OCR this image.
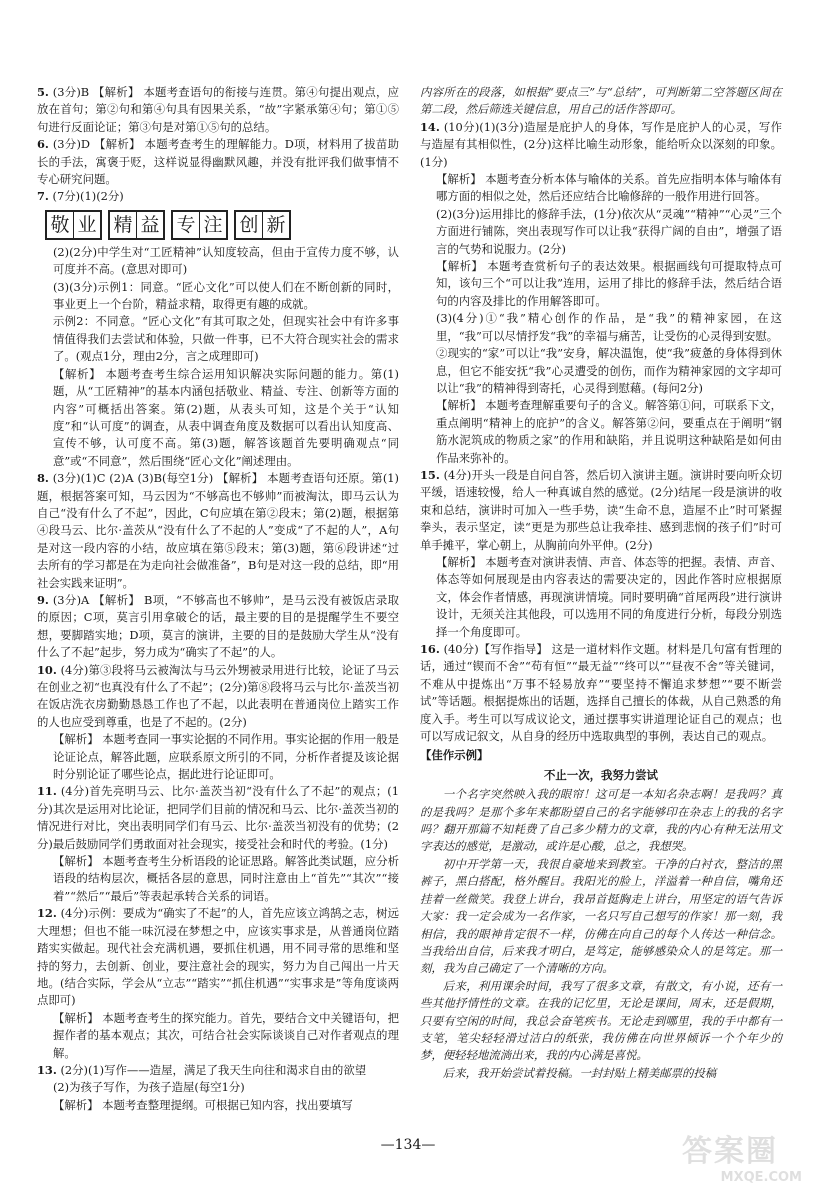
5. (3分)B 【解析】 本题考查语句的衔接与连贯。第④句提出观点，应放在首句；第②句和第④句具有因果关系，“故”字紧承第④句；第①⑤句进行反面论证；第③句是对第①⑤句的总结。

6. (3分)D 【解析】 本题考查考生的理解能力。D项，材料用了拔苗助长的手法，寓褒于贬，这样说显得幽默风趣，并没有批评我们做事情不专心研究问题。

7. (7分)(1)(2分)

敬 业 精 益 专 注 创 新

(2)(2分)中学生对“工匠精神”认知度较高，但由于宣传力度不够，认可度并不高。(意思对即可)

(3)(3分)示例1：同意。“匠心文化”可以使人们在不断创新的同时，事业更上一个台阶，精益求精，取得更有趣的成就。

示例2：不同意。“匠心文化”有其可取之处，但现实社会中有许多事情值得我们去尝试和体验，只做一件事，已不大符合现实社会的需求了。(观点1分，理由2分，言之成理即可)

【解析】 本题考查考生综合运用知识解决实际问题的能力。第(1)题，从“工匠精神”的基本内涵包括敬业、精益、专注、创新等方面的内容”可概括出答案。第(2)题，从表头可知，这是个关于“认知度”和“认可度”的调查，从表中调查角度及数据可以看出认知度高、宣传不够，认可度不高。第(3)题，解答该题首先要明确观点“同意”或“不同意”，然后围绕“匠心文化”阐述理由。

8. (3分)(1)C (2)A (3)B(每空1分) 【解析】 本题考查语句还原。第(1)题，根据答案可知，马云因为“不够高也不够帅”而被淘汰，即马云认为自己“没有什么了不起”，因此，C句应填在第②段末；第(2)题，根据第④段马云、比尔·盖茨从“没有什么了不起的人”变成“了不起的人”，A句是对这一段内容的小结，故应填在第⑤段末；第(3)题，第⑥段讲述“过去所有的学习都是在为走向社会做准备”，B句是对这一段的总结，即“用社会实践来证明”。

9. (3分)A 【解析】 B项，“不够高也不够帅”，是马云没有被饭店录取的原因；C项，莫言引用拿破仑的话，最主要的目的是提醒学生不要空想，要脚踏实地；D项，莫言的演讲，主要的目的是鼓励大学生从“没有什么了不起”起步，努力成为“确实了不起”的人。

10. (4分)第③段将马云被淘汰与马云外甥被录用进行比较，论证了马云在创业之初“也真没有什么了不起”；(2分)第⑧段将马云与比尔·盖茨当初在饭店洗衣房勤勤恳恳工作也了不起，以此表明在普通岗位上踏实工作的人也应受到尊重，也是了不起的。(2分)

【解析】 本题考查同一事实论据的不同作用。事实论据的作用一般是论证论点，解答此题，应联系原文所引的不同，分析作者提及该论据时分别论证了哪些论点，据此进行论证即可。

11. (4分)首先亮明马云、比尔·盖茨当初“没有什么了不起”的观点；(1分)其次是运用对比论证，把同学们目前的情况和马云、比尔·盖茨当初的情况进行对比，突出表明同学们有马云、比尔·盖茨当初没有的优势；(2分)最后鼓励同学们勇敢面对社会现实，接受社会和时代的考验。(1分)

【解析】 本题考查考生分析语段的论证思路。解答此类试题，应分析语段的结构层次，概括各层的意思，同时注意由上“首先”“其次”“接着”“然后”“最后”等表起承转合关系的词语。

12. (4分)示例：要成为“确实了不起”的人，首先应该立鸿鹄之志，树远大理想；但也不能一味沉浸在梦想之中，应该实事求是，从普通岗位踏踏实实做起。现代社会充满机遇，要抓住机遇，用不同寻常的思维和坚持的努力，去创新、创业，要注意社会的现实，努力为自己闯出一片天地。(结合实际，学会从“立志”“踏实”“抓住机遇”“实事求是”等角度谈两点即可)

【解析】 本题考查考生的探究能力。首先，要结合文中关键语句，把握作者的基本观点；其次，可结合社会实际谈谈自己对作者观点的理解。

13. (2分)(1)写作——造屋，满足了我天生向往和渴求自由的欲望

(2)为孩子写作，为孩子造屋(每空1分)

【解析】 本题考查整理提纲。可根据已知内容，找出要填写

内容所在的段落，如根据“要点三”与“总结”，可判断第二空答题区间在第二段，然后筛选关键信息，用自己的话作答即可。

14. (10分)(1)(3分)造屋是庇护人的身体，写作是庇护人的心灵，写作与造屋有其相似性，(2分)这样比喻生动形象，能给听众以深刻的印象。(1分)

【解析】 本题考查分析本体与喻体的关系。首先应指明本体与喻体有哪方面的相似之处，然后还应结合比喻修辞的一般作用进行回答。

(2)(3分)运用排比的修辞手法，(1分)依次从“灵魂”“精神”“心灵”三个方面进行铺陈，突出表现写作可以让我“获得广阔的自由”，增强了语言的气势和说服力。(2分)

【解析】 本题考查赏析句子的表达效果。根据画线句可提取特点可知，该句三个“可以让我”连用，运用了排比的修辞手法，然后结合语句的内容及排比的作用解答即可。

(3)(4分)①“我”精心创作的作品，是“我”的精神家园，在这里，“我”可以尽情抒发“我”的幸福与痛苦，让受伤的心灵得到安慰。

②现实的“家”可以让“我”安身，解决温饱，使“我”疲惫的身体得到休息，但它不能安抚“我”心灵遭受的创伤，而作为精神家园的文字却可以让“我”的精神得到寄托，心灵得到慰藉。(每问2分)

【解析】 本题考查理解重要句子的含义。解答第①问，可联系下文，重点阐明“精神上的庇护”的含义。解答第②问，要重点在于阐明“钢筋水泥筑成的物质之家”的作用和缺陷，并且说明这种缺陷是如何由作品来弥补的。

15. (4分)开头一段是自问自答，然后切入演讲主题。演讲时要向听众切平缓，语速较慢，给人一种真诚自然的感觉。(2分)结尾一段是演讲的收束和总结，演讲时可加入一些手势，读“生命不息，造屋不止”时可紧握拳头，表示坚定，读“更是为那些总让我牵挂、感到悲悯的孩子们”时可单手摊平，掌心朝上，从胸前向外平伸。(2分)

【解析】 本题考查对演讲表情、声音、体态等的把握。表情、声音、体态等如何展现是由内容表达的需要决定的，因此作答时应根据原文，体会作者情感，再现演讲情境。同时要明确“首尾两段”进行演讲设计，无须关注其他段，可以选用不同的角度进行分析，每段分别选择一个角度即可。

16. (40分)【写作指导】 这是一道材料作文题。材料是几句富有哲理的话，通过“锲而不舍”“苟有恒”“最无益”“终可以”“昼夜不舍”等关键词，不难从中提炼出“万事不轻易放弃”“要坚持不懈追求梦想”“要不断尝试”等话题。根据提炼出的话题，选择自己擅长的体裁，从自己熟悉的角度入手。考生可以写成议论文，通过摆事实讲道理论证自己的观点；也可以写成记叙文，从自身的经历中选取典型的事例，表达自己的观点。

【佳作示例】

不止一次，我努力尝试

一个名字突然映入我的眼帘！这可是一本知名杂志啊！是我吗？真的是我吗？是那个多年来都盼望自己的名字能够印在杂志上的我的名字吗？翻开那篇不知耗费了自己多少精力的文章，我的内心有种无法用文字表达的感觉，是激动，或许是心酸，总之，我想哭。

初中开学第一天，我很自豪地来到教室。干净的白衬衣，整洁的黑裤子，黑白搭配，格外醒目。我阳光的脸上，洋溢着一种自信，嘴角还挂着一丝微笑。我登上讲台，我昂首挺胸走上讲台，用坚定的语气告诉大家：我一定会成为一名作家，一名只写自己想写的作家！那一刻，我相信，我的眼神肯定很不一样，仿佛在向自己的每个人传达一种信念。当我给出自信，后来我才明白，是笃定，能够感染众人的是笃定。那一刻，我为自己确定了一个清晰的方向。

后来，利用课余时间，我写了很多文章，有散文，有小说，还有一些其他抒情性的文章。在我的记忆里，无论是课间，周末，还是假期，只要有空闲的时间，我总会奋笔疾书。无论走到哪里，我的手中都有一支笔，笔尖轻轻滑过洁白的纸张，我仿佛在向世界倾诉一个个年少的梦，便轻轻地流淌出来，我的内心满是喜悦。

后来，我开始尝试着投稿。一封封贴上精美邮票的投稿

—134—	答案圈
MXQE.COM
